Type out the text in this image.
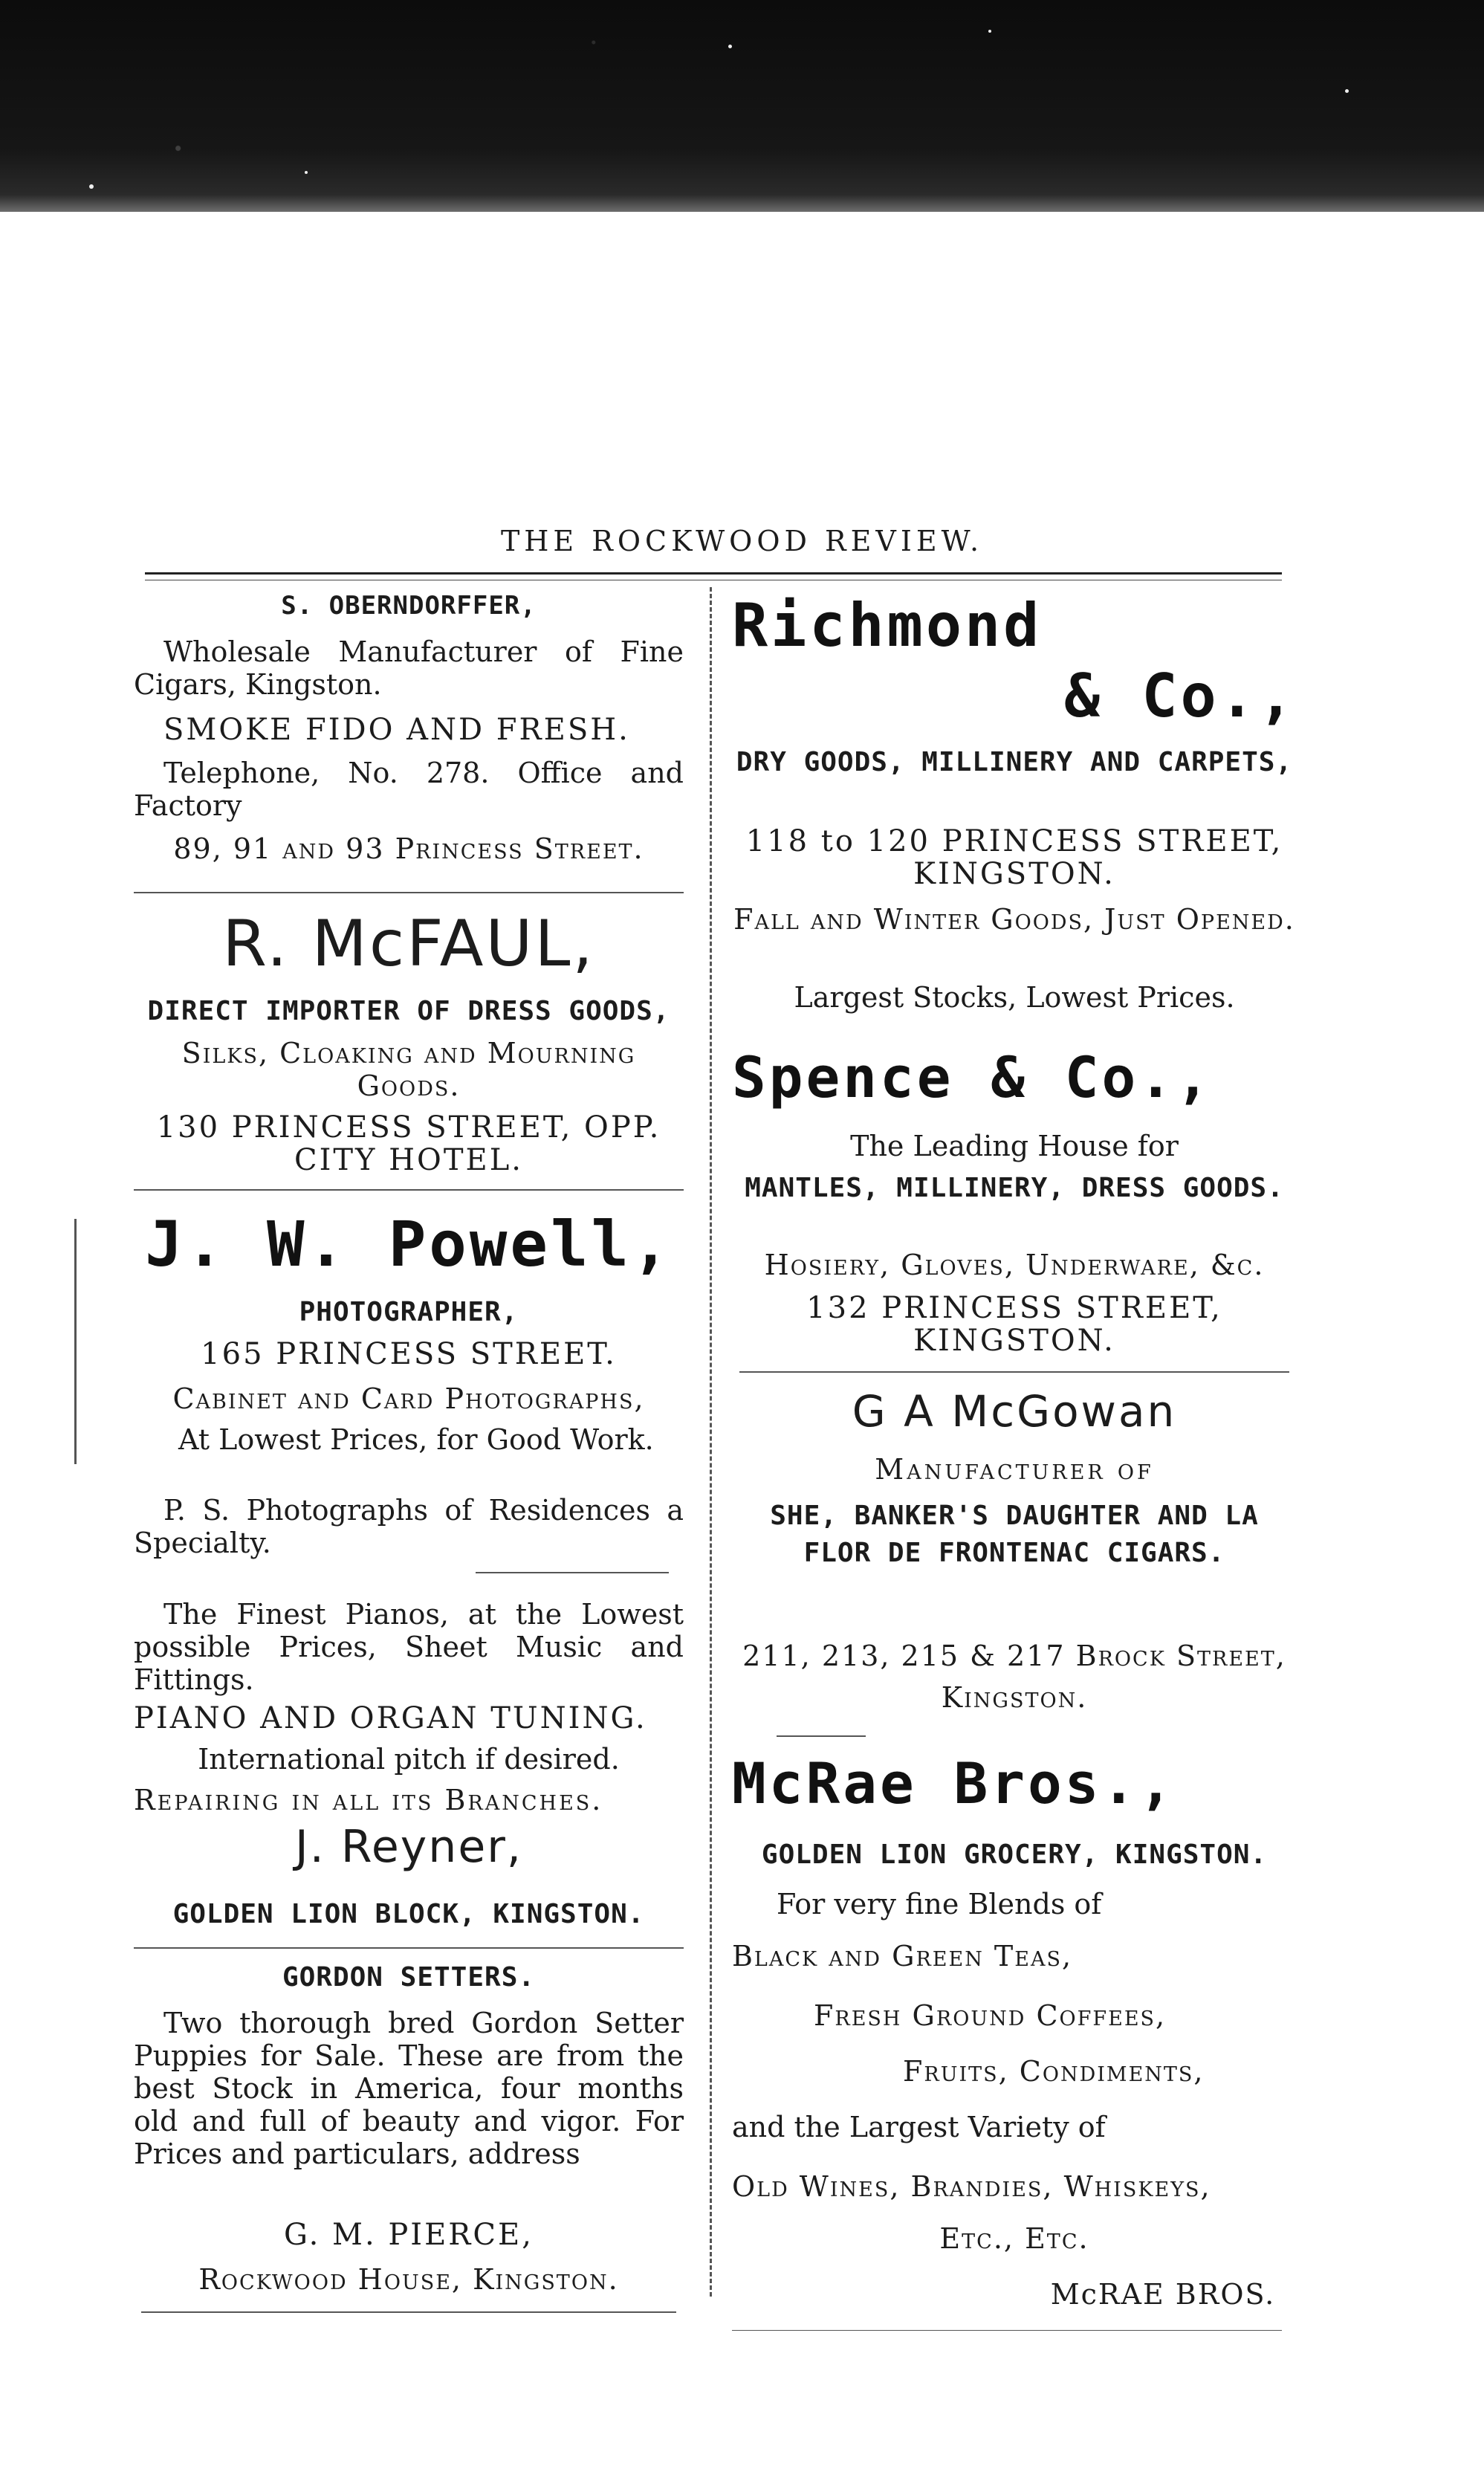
THE ROCKWOOD REVIEW.
S. OBERNDORFFER,
Wholesale Manufacturer of Fine Cigars, Kingston.
SMOKE FIDO AND FRESH.
Telephone, No. 278. Office and Factory
89, 91 and 93 Princess Street.
R. McFAUL,
DIRECT IMPORTER OF DRESS GOODS,
Silks, Cloaking and Mourning Goods.
130 PRINCESS STREET, OPP. CITY HOTEL.
J. W. Powell,
PHOTOGRAPHER,
165 PRINCESS STREET.
Cabinet and Card Photographs,
At Lowest Prices, for Good Work.
P. S. Photographs of Residences a Specialty.
The Finest Pianos, at the Lowest possible Prices, Sheet Music and Fittings.
PIANO AND ORGAN TUNING.
International pitch if desired.
Repairing in all its Branches.
J. Reyner,
GOLDEN LION BLOCK, KINGSTON.
GORDON SETTERS.
Two thorough bred Gordon Setter Puppies for Sale. These are from the best Stock in America, four months old and full of beauty and vigor. For Prices and particulars, address
G. M. PIERCE,
Rockwood House, Kingston.
Richmond
& Co.,
DRY GOODS, MILLINERY AND CARPETS,
118 to 120 PRINCESS STREET, KINGSTON.
Fall and Winter Goods, Just Opened.
Largest Stocks, Lowest Prices.
Spence & Co.,
The Leading House for
MANTLES, MILLINERY, DRESS GOODS.
Hosiery, Gloves, Underware, &c.
132 PRINCESS STREET, KINGSTON.
G A McGowan
Manufacturer of
SHE, BANKER'S DAUGHTER AND LA FLOR DE FRONTENAC CIGARS.
211, 213, 215 & 217 Brock Street, Kingston.
McRae Bros.,
GOLDEN LION GROCERY, KINGSTON.
For very fine Blends of
Black and Green Teas,
Fresh Ground Coffees,
Fruits, Condiments,
and the Largest Variety of
Old Wines, Brandies, Whiskeys,
Etc., Etc.
McRAE BROS.
